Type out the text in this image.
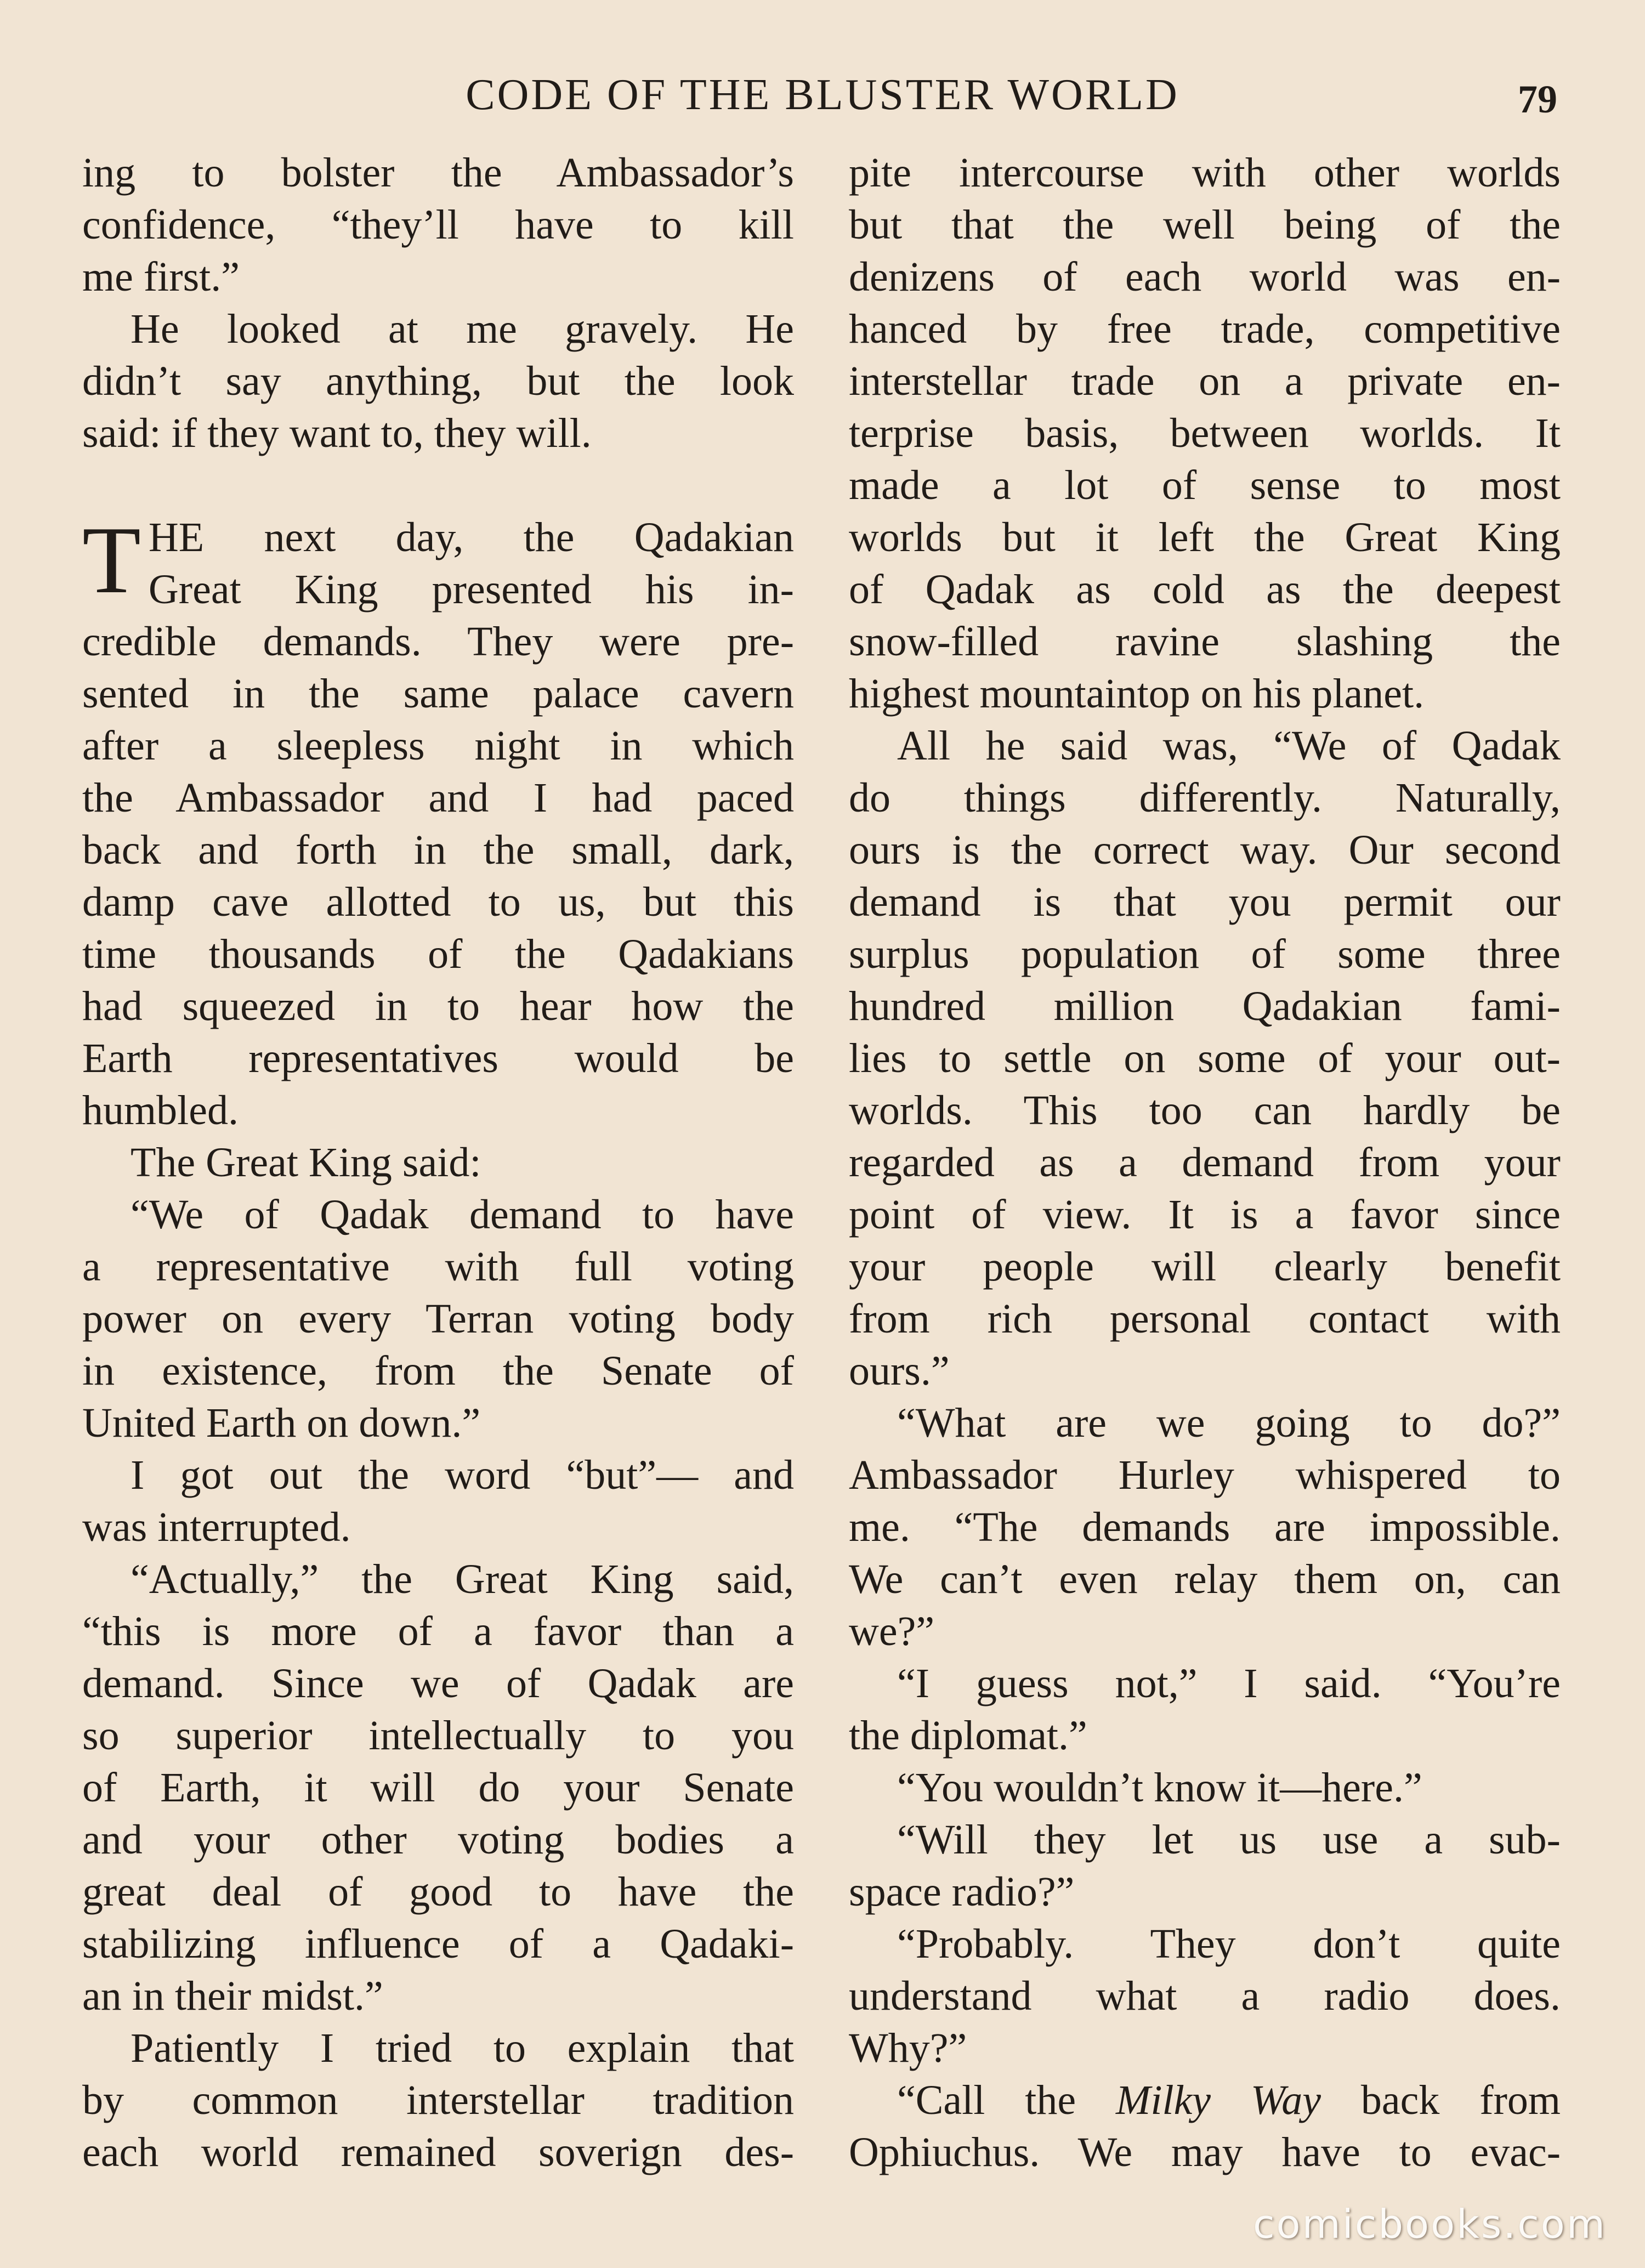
CODE OF THE BLUSTER WORLD	79
ing to bolster the Ambassador’s
confidence, “they’ll have to kill
me first.”
He looked at me gravely. He
didn’t say anything, but the look
said: if they want to, they will.
T HE next day, the Qadakian
Great King presented his in-
credible demands. They were pre-
sented in the same palace cavern
after a sleepless night in which
the Ambassador and I had paced
back and forth in the small, dark,
damp cave allotted to us, but this
time thousands of the Qadakians
had squeezed in to hear how the
Earth representatives would be
humbled.
The Great King said:
“We of Qadak demand to have
a representative with full voting
power on every Terran voting body
in existence, from the Senate of
United Earth on down.”
I got out the word “but”— and
was interrupted.
“Actually,” the Great King said,
“this is more of a favor than a
demand. Since we of Qadak are
so superior intellectually to you
of Earth, it will do your Senate
and your other voting bodies a
great deal of good to have the
stabilizing influence of a Qadaki-
an in their midst.”
Patiently I tried to explain that
by common interstellar tradition
each world remained soverign des-
pite intercourse with other worlds
but that the well being of the
denizens of each world was en-
hanced by free trade, competitive
interstellar trade on a private en-
terprise basis, between worlds. It
made a lot of sense to most
worlds but it left the Great King
of Qadak as cold as the deepest
snow-filled ravine slashing the
highest mountaintop on his planet.
All he said was, “We of Qadak
do things differently. Naturally,
ours is the correct way. Our second
demand is that you permit our
surplus population of some three
hundred million Qadakian fami-
lies to settle on some of your out-
worlds. This too can hardly be
regarded as a demand from your
point of view. It is a favor since
your people will clearly benefit
from rich personal contact with
ours.”
“What are we going to do?”
Ambassador Hurley whispered to
me. “The demands are impossible.
We can’t even relay them on, can
we?”
“I guess not,” I said. “You’re
the diplomat.”
“You wouldn’t know it—here.”
“Will they let us use a sub-
space radio?”
“Probably. They don’t quite
understand what a radio does.
Why?”
“Call the Milky Way back from
Ophiuchus. We may have to evac-
comicbooks.com
